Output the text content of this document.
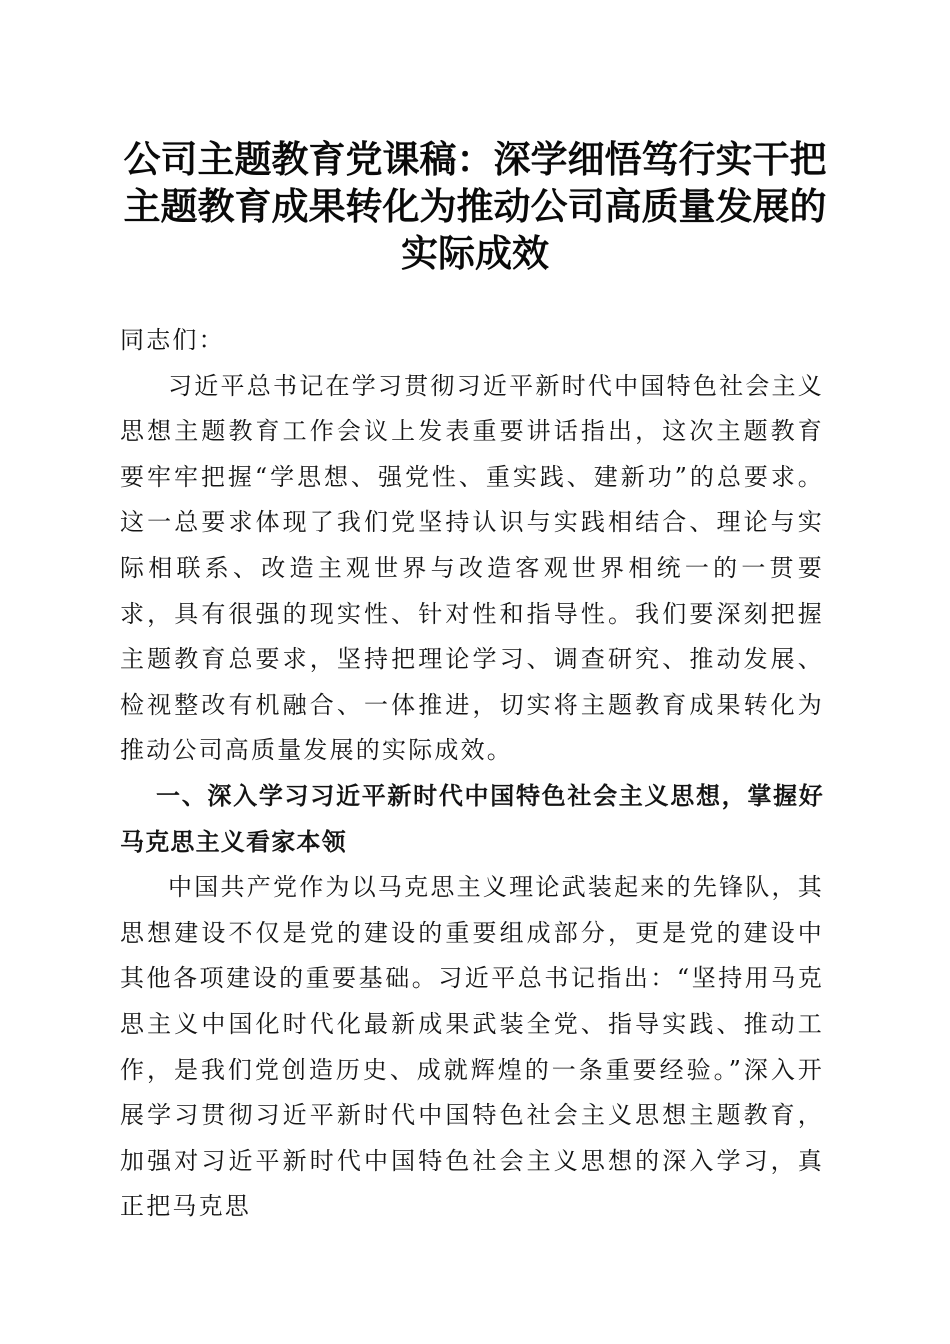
公司主题教育党课稿：深学细悟笃行实干把主题教育成果转化为推动公司高质量发展的实际成效

同志们：

习近平总书记在学习贯彻习近平新时代中国特色社会主义思想主题教育工作会议上发表重要讲话指出，这次主题教育要牢牢把握“学思想、强党性、重实践、建新功”的总要求。这一总要求体现了我们党坚持认识与实践相结合、理论与实际相联系、改造主观世界与改造客观世界相统一的一贯要求，具有很强的现实性、针对性和指导性。我们要深刻把握主题教育总要求，坚持把理论学习、调查研究、推动发展、检视整改有机融合、一体推进，切实将主题教育成果转化为推动公司高质量发展的实际成效。

一、深入学习习近平新时代中国特色社会主义思想，掌握好马克思主义看家本领

中国共产党作为以马克思主义理论武装起来的先锋队，其思想建设不仅是党的建设的重要组成部分，更是党的建设中其他各项建设的重要基础。习近平总书记指出：“坚持用马克思主义中国化时代化最新成果武装全党、指导实践、推动工作，是我们党创造历史、成就辉煌的一条重要经验。”深入开展学习贯彻习近平新时代中国特色社会主义思想主题教育，加强对习近平新时代中国特色社会主义思想的深入学习，真正把马克思
